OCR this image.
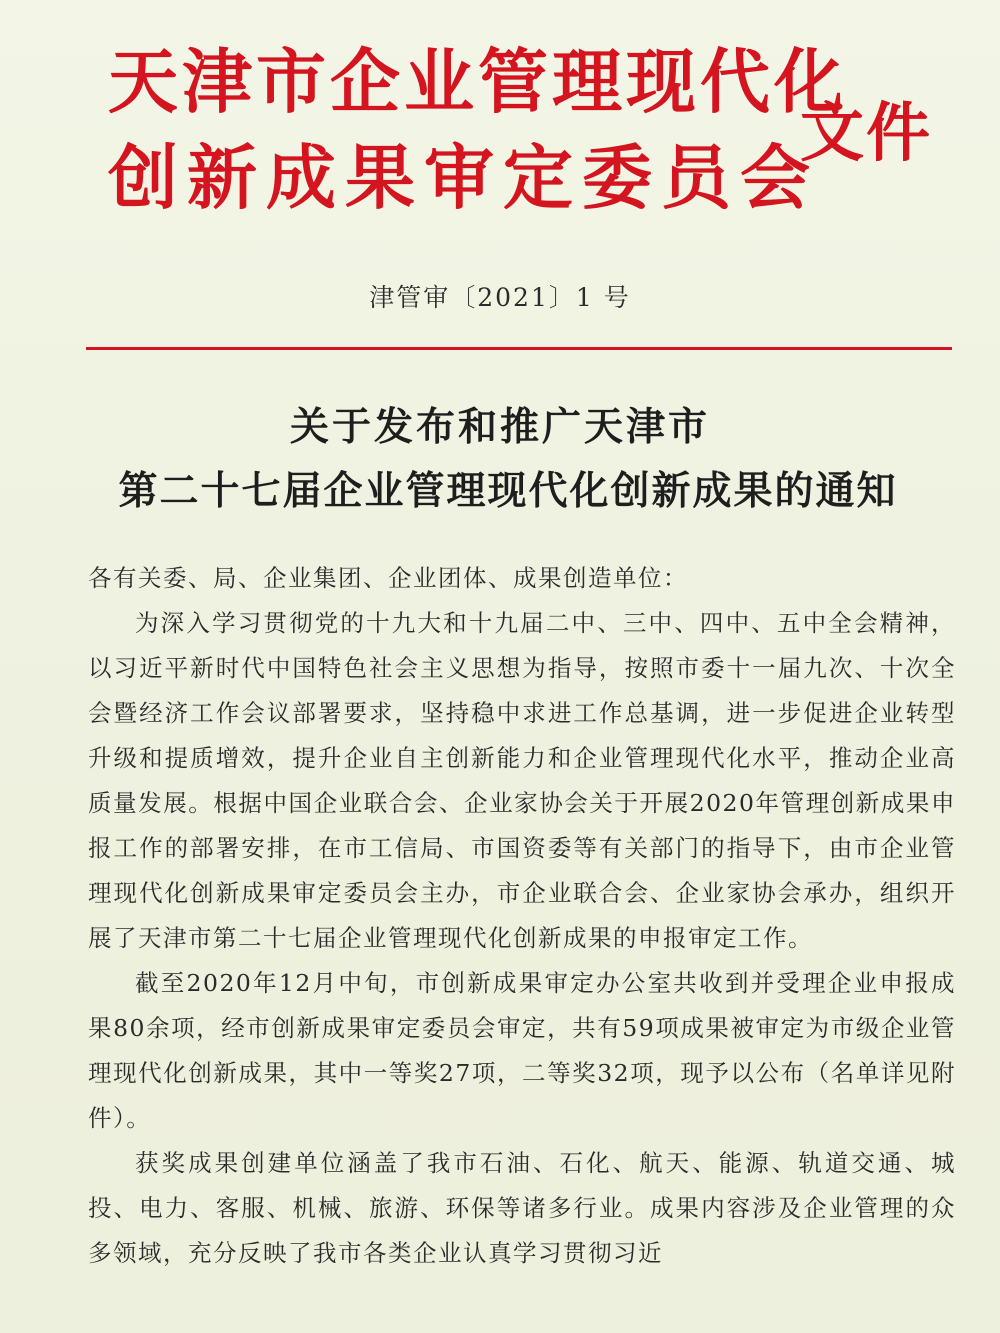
天津市企业管理现代化
创新成果审定委员会
文件
津管审〔2021〕1 号
关于发布和推广天津市
第二十七届企业管理现代化创新成果的通知

各有关委、局、企业集团、企业团体、成果创造单位：

为深入学习贯彻党的十九大和十九届二中、三中、四中、五中全会精神，以习近平新时代中国特色社会主义思想为指导，按照市委十一届九次、十次全会暨经济工作会议部署要求，坚持稳中求进工作总基调，进一步促进企业转型升级和提质增效，提升企业自主创新能力和企业管理现代化水平，推动企业高质量发展。根据中国企业联合会、企业家协会关于开展2020年管理创新成果申报工作的部署安排，在市工信局、市国资委等有关部门的指导下，由市企业管理现代化创新成果审定委员会主办，市企业联合会、企业家协会承办，组织开展了天津市第二十七届企业管理现代化创新成果的申报审定工作。

截至2020年12月中旬，市创新成果审定办公室共收到并受理企业申报成果80余项，经市创新成果审定委员会审定，共有59项成果被审定为市级企业管理现代化创新成果，其中一等奖27项，二等奖32项，现予以公布（名单详见附件）。

获奖成果创建单位涵盖了我市石油、石化、航天、能源、轨道交通、城投、电力、客服、机械、旅游、环保等诸多行业。成果内容涉及企业管理的众多领域，充分反映了我市各类企业认真学习贯彻习近
